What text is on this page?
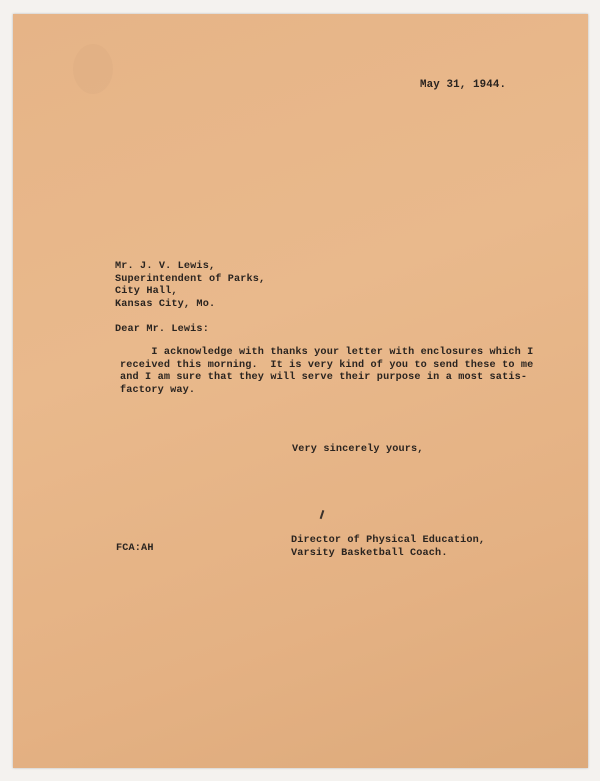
May 31, 1944.
Mr. J. V. Lewis,
Superintendent of Parks,
City Hall,
Kansas City, Mo.
Dear Mr. Lewis:
I acknowledge with thanks your letter with enclosures which I
received this morning.  It is very kind of you to send these to me
and I am sure that they will serve their purpose in a most satis-
factory way.
Very sincerely yours,
Director of Physical Education,
Varsity Basketball Coach.
FCA:AH
